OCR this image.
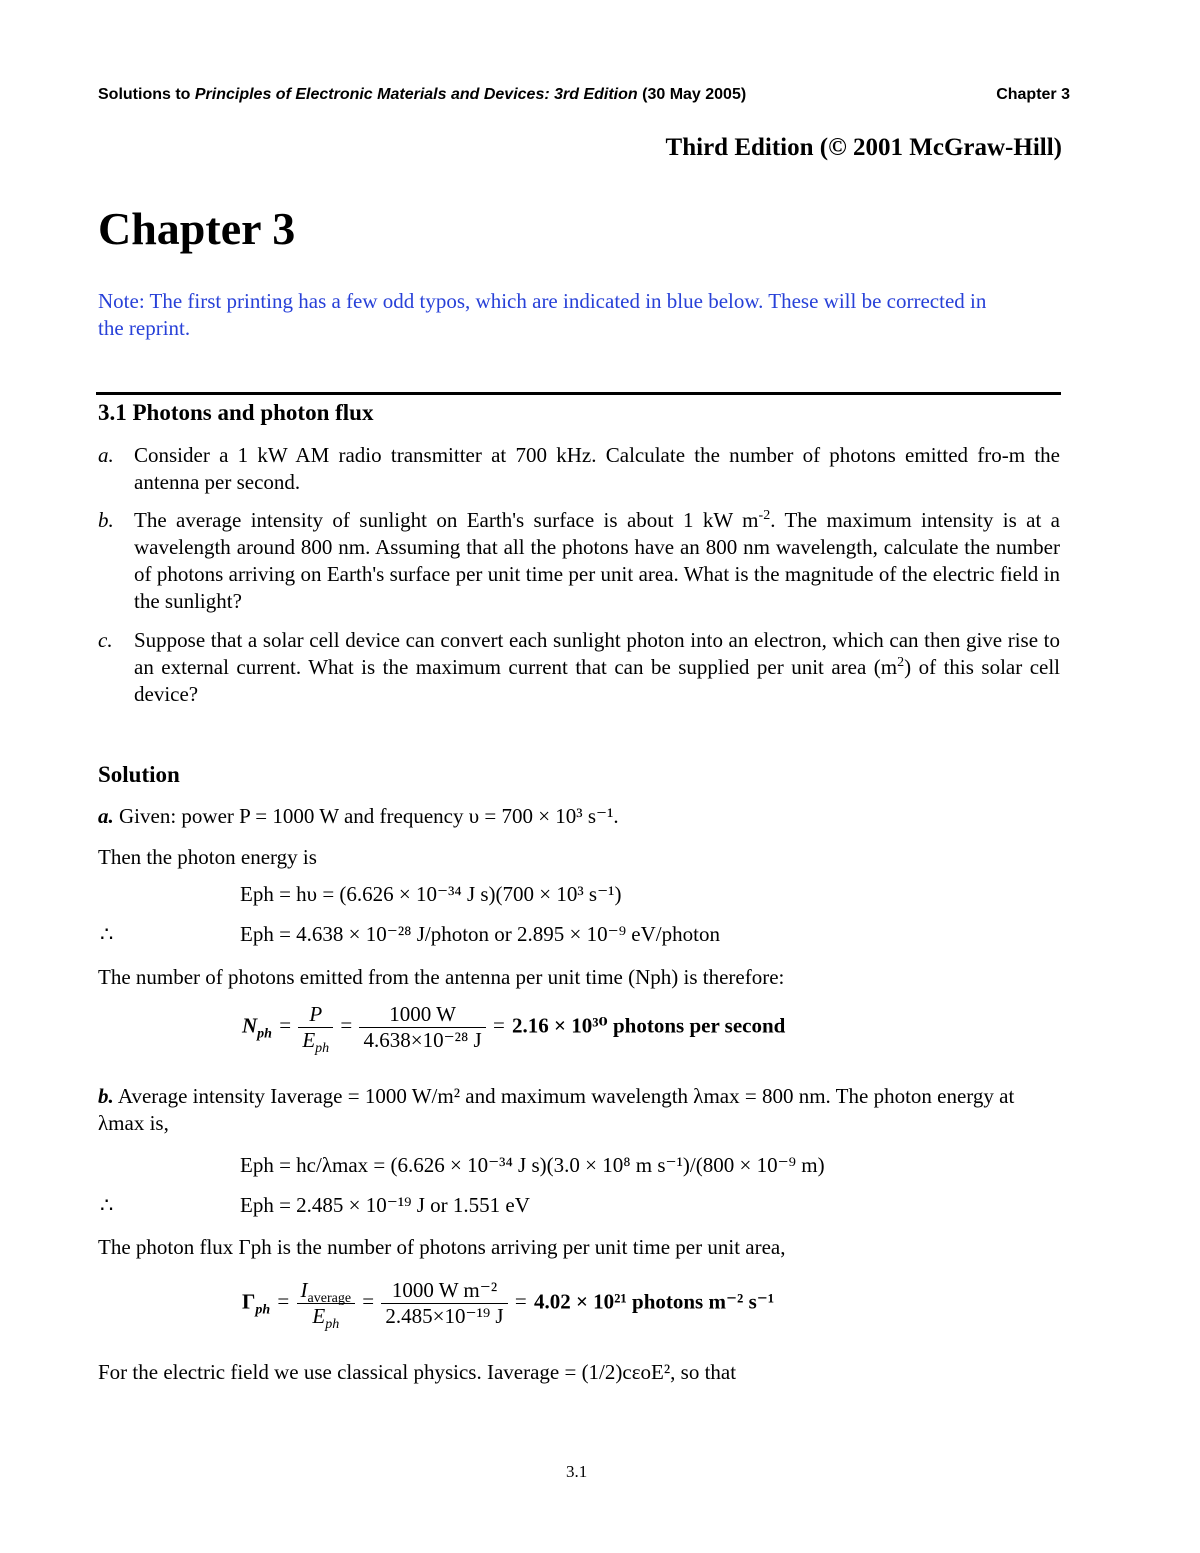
Solutions to Principles of Electronic Materials and Devices: 3rd Edition (30 May 2005)	Chapter 3
Third Edition (© 2001 McGraw-Hill)
Chapter 3
Note: The first printing has a few odd typos, which are indicated in blue below. These will be corrected in the reprint.
3.1 Photons and photon flux
a. Consider a 1 kW AM radio transmitter at 700 kHz. Calculate the number of photons emitted fro-m the antenna per second.
b. The average intensity of sunlight on Earth's surface is about 1 kW $m^{-2}$. The maximum intensity is at a wavelength around 800 nm. Assuming that all the photons have an 800 nm wavelength, calculate the number of photons arriving on Earth's surface per unit time per unit area. What is the magnitude of the electric field in the sunlight?
c. Suppose that a solar cell device can convert each sunlight photon into an electron, which can then give rise to an external current. What is the maximum current that can be supplied per unit area $(m^2)$ of this solar cell device?
Solution
a. Given: power P = 1000 W and frequency υ = 700 × 10³ s⁻¹.
Then the photon energy is
Eph = hυ = (6.626 × 10⁻³⁴ J s)(700 × 10³ s⁻¹)
∴	Eph = 4.638 × 10⁻²⁸ J/photon or 2.895 × 10⁻⁹ eV/photon
The number of photons emitted from the antenna per unit time (Nph) is therefore:
$N_{ph} = \frac{P}{E_{ph}} = \frac{1000 W}{\text{4.638×10⁻²⁸ J}} = 2.16 \times 10^{30}$ photons per second
b. Average intensity Iaverage = 1000 W/m² and maximum wavelength λmax = 800 nm. The photon energy at λmax is,
Eph = hc/λmax = (6.626 × 10⁻³⁴ J s)(3.0 × 10⁸ m s⁻¹)/(800 × 10⁻⁹ m)
∴	Eph = 2.485 × 10⁻¹⁹ J or 1.551 eV
The photon flux Γph is the number of photons arriving per unit time per unit area,
$\Gamma_{ph} = \frac{I_{average}}{E_{ph}} = \frac{\text{1000 W m⁻²}}{\text{2.485×10⁻¹⁹ J}} = 4.02 \times 10^{21}$ photons m⁻² s⁻¹
For the electric field we use classical physics. Iaverage = (1/2)cεoE², so that
3.1
